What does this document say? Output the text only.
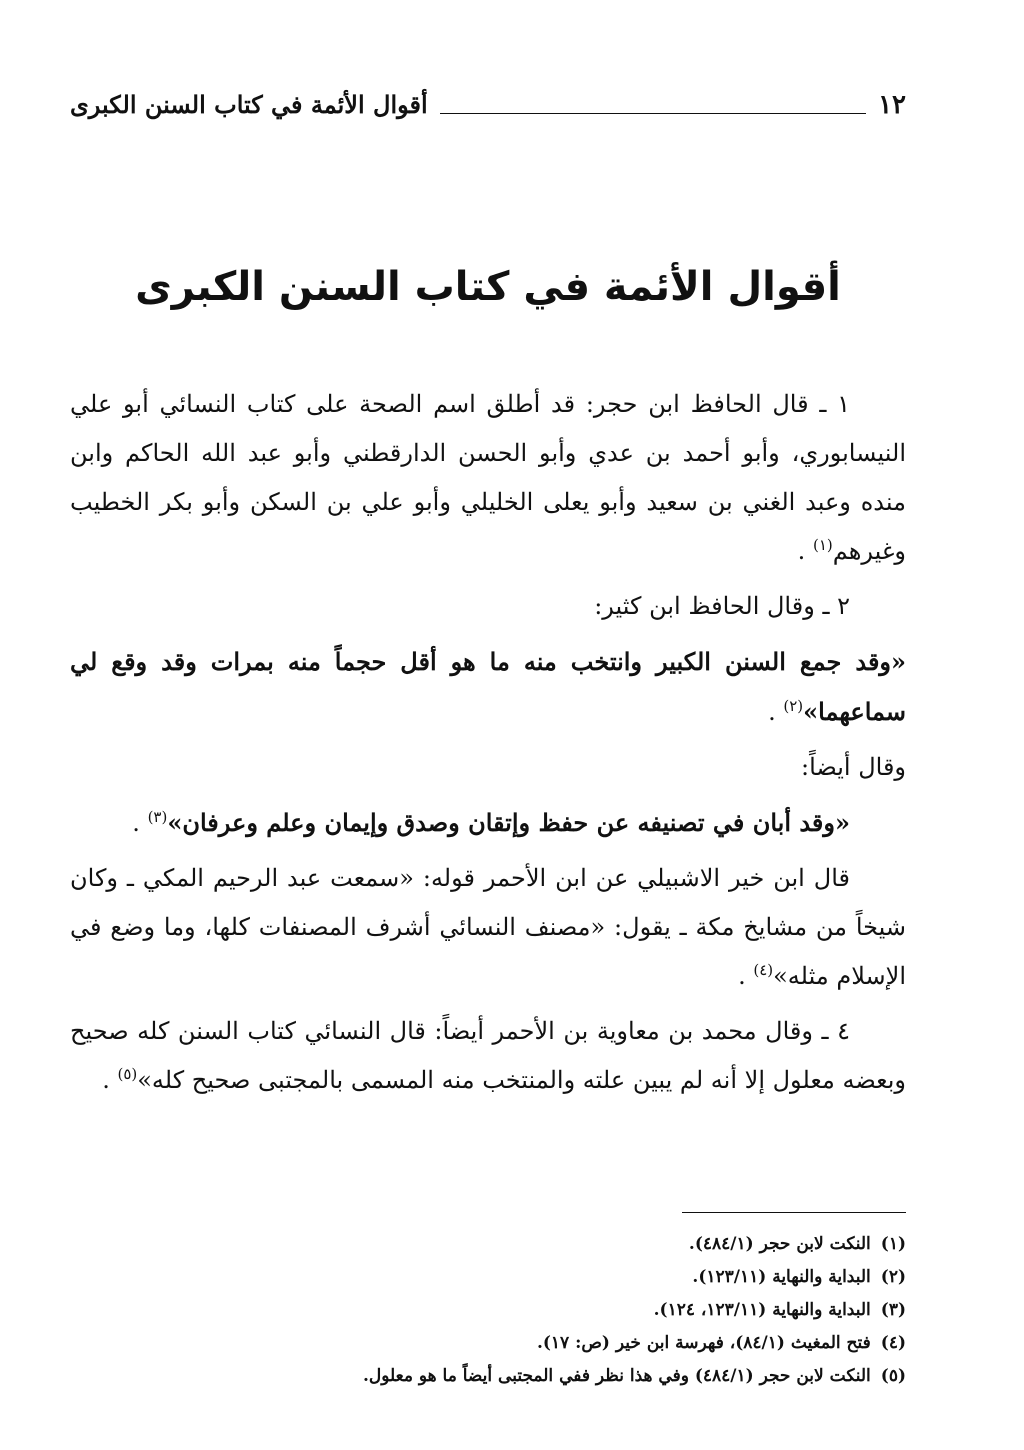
١٢
أقوال الأئمة في كتاب السنن الكبرى
أقوال الأئمة في كتاب السنن الكبرى

١ ـ قال الحافظ ابن حجر: قد أطلق اسم الصحة على كتاب النسائي أبو علي النيسابوري، وأبو أحمد بن عدي وأبو الحسن الدارقطني وأبو عبد الله الحاكم وابن منده وعبد الغني بن سعيد وأبو يعلى الخليلي وأبو علي بن السكن وأبو بكر الخطيب وغيرهم$^{(١)}$ .

٢ ـ وقال الحافظ ابن كثير:

«وقد جمع السنن الكبير وانتخب منه ما هو أقل حجماً منه بمرات وقد وقع لي سماعهما»$^{(٢)}$ .

وقال أيضاً:

«وقد أبان في تصنيفه عن حفظ وإتقان وصدق وإيمان وعلم وعرفان»$^{(٣)}$ .

قال ابن خير الاشبيلي عن ابن الأحمر قوله: «سمعت عبد الرحيم المكي ـ وكان شيخاً من مشايخ مكة ـ يقول: «مصنف النسائي أشرف المصنفات كلها، وما وضع في الإسلام مثله»$^{(٤)}$ .

٤ ـ وقال محمد بن معاوية بن الأحمر أيضاً: قال النسائي كتاب السنن كله صحيح وبعضه معلول إلا أنه لم يبين علته والمنتخب منه المسمى بالمجتبى صحيح كله»$^{(٥)}$ .

(١)النكت لابن حجر (٤٨٤/١).
(٢)البداية والنهاية (١٢٣/١١).
(٣)البداية والنهاية (١٢٣/١١، ١٢٤).
(٤)فتح المغيث (٨٤/١)، فهرسة ابن خير (ص: ١٧).
(٥)النكت لابن حجر (٤٨٤/١) وفي هذا نظر ففي المجتبى أيضاً ما هو معلول.
